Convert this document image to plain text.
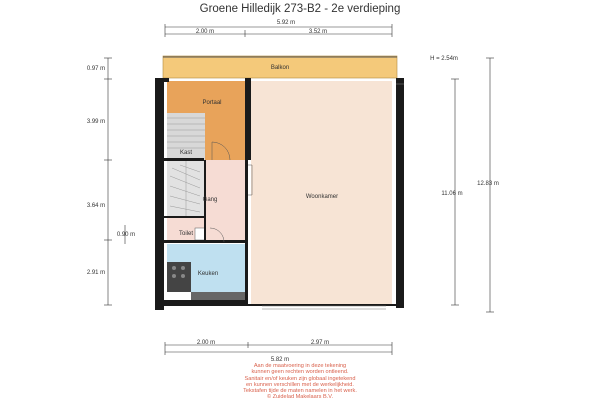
Groene Hilledijk 273-B2 - 2e verdieping
5.92 m
2.00 m	3.52 m
0.97 m
3.99 m
3.64 m
0.90 m
2.91 m
H = 2.54m
11.06 m
12.83 m
2.00 m	2.97 m
5.82 m
Balkon
Portaal
Kast
Gang
Toilet
Keuken
Woonkamer
Aan de maatvoering in deze tekening
kunnen geen rechten worden ontleend.
Sanitair en/of keuken zijn globaal ingetekend
en kunnen verschillen met de werkelijkheid.
Tekstafen tijde de maten namelen in het werk.
© Zuidelad Makelaars B.V.
